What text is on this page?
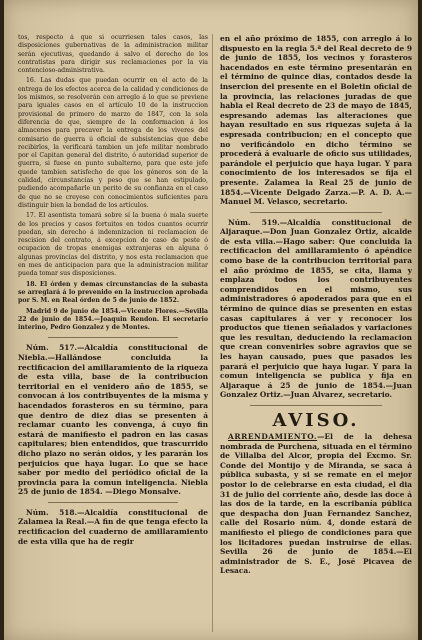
tos, respecto á que si ocurriesen tales casos, las disposiciones gubernativas de la administracion militar serán ejecutivas, quedando á salvo el derecho de los contratistas para dirigir sus reclamaciones por la via contencioso-administrativa.

16. Las dudas que puedan ocurrir en el acto de la entrega de los efectos acerca de la calidad y condiciones de los mismos, se resolverán con arreglo á lo que se previene para iguales casos en el artículo 10 de la instruccion provisional de primero de marzo de 1847, con la sola diferencia de que, siempre de la conformacion á los almacenes para precaver la entrega de los viveres del comisario de guerra ú oficial de subsistencias que debe recibirlos, la verificará tambien un jefe militar nombrado por el Capitan general del distrito, ó autoridad superior de guerra, si fuese en punto subalterno, para que este jefe quede tambien satisfecho de que los géneros son de la calidad, circunstancias y peso que se han estipulado, pudiendo acompañarle un perito de su confianza en el caso de que no se creyese con conocimientos suficientes para distinguir bien la bondad de los artículos.

17. El asentista tomará sobre sí la buena ó mala suerte de los precios y casos fortuitos en todos cuantos ocurrir puedan, sin derecho á indemnizacion ni reclamacion de rescision del contrato, á excepcion de caso de peste ó ocupacion de tropas enemigas extranjeras en alguna ó algunas provincias del distrito, y nos esta reclamacion que en mes de anticipacion para que la administracion militar pueda tomar sus disposiciones.

18. El órden y demas circunstancias de la subasta se arreglará á lo prevenido en la instruccion aprobada por S. M. en Real órden de 5 de junio de 1852.

Madrid 9 de junio de 1854.—Vicente Flores.—Sevilla 22 de junio de 1854.—Joaquin Rendon. El secretario interino, Pedro Gonzalez y de Montes.

Núm. 517.—Alcaldía constitucional de Niebla.—Hallándose concluida la rectificacion del amillaramiento de la riqueza de esta villa, base de la contribucion territorial en el venidero año de 1855, se convocan á los contribuyentes de la misma y hacendados forasteros en su término, para que dentro de diez dias se presenten á reclamar cuanto les convenga, á cuyo fin estará de manifiesto el padron en las casas capitulares; bien entendidos, que trascurrido dicho plazo no serán oidos, y les pararán los perjuicios que haya lugar. Lo que se hace saber por medio del periódico oficial de la provincia para la comun inteligencia. Niebla 25 de junio de 1854. —Diego Monsalve.

Núm. 518.—Alcaldía constitucional de Zalamea la Real.—A fin de que tenga efecto la rectificacion del cuaderno de amillaramiento de esta villa que ha de regir

en el año próximo de 1855, con arreglo á lo dispuesto en la regla 5.ª del Real decreto de 9 de junio de 1855, los vecinos y forasteros hacendados en este término presentarán en el término de quince dias, contados desde la insercion del presente en el Boletin oficial de la provincia, las relaciones juradas de que habla el Real decreto de 23 de mayo de 1845, espresando ademas las alteraciones que hayan resultado en sus riquezas sujeta á la espresada contribucion; en el concepto que no verificándolo en dicho término se procederá á evaluarle de oficio sus utilidades, parándole el perjuicio que haya lugar. Y para conocimiento de los interesados se fija el presente. Zalamea la Real 25 de junio de 1854.—Vicente Delgado Zarza.—P. A. D. A.—Manuel M. Velasco, secretario.

Núm. 519.—Alcaldía constitucional de Aljaraque.—Don Juan Gonzalez Ortiz, alcalde de esta villa.—Hago saber: Que concluida la rectificacion del amillaramiento ó apéndice como base de la contribucion territorial para el año próximo de 1855, se cita, llama y emplaza todos los contribuyentes comprendidos en el mismo, sus administradores ó apoderados para que en el término de quince dias se presenten en estas casas capitulares á ver y reconocer los productos que tienen señalados y variaciones que les resultan, deduciendo la reclamacion que crean convenirles sobre agravios que se les hayan causado, pues que pasados les parará el perjuicio que haya lugar. Y para la comun inteligencia se publica y fija en Aljaraque á 25 de junio de 1854.—Juan Gonzalez Ortiz.—Juan Alvarez, secretario.

AVISO.

ARRENDAMIENTO.—El de la dehesa nombrada de Purchena, situada en el término de Villalba del Alcor, propia del Excmo. Sr. Conde del Montijo y de Miranda, se saca á pública subasta, y si se remate en el mejor postor lo de celebrarse en esta ciudad, el dia 31 de julio del corriente año, desde las doce á las dos de la tarde, en la escribanía pública que despacha don Juan Fernandez Sanchez, calle del Rosario núm. 4, donde estará de manifiesto el pliego de condiciones para que los licitadores puedan instruirse de ellas. Sevilla 26 de junio de 1854.—El administrador de S. E., José Picavea de Lesaca.
